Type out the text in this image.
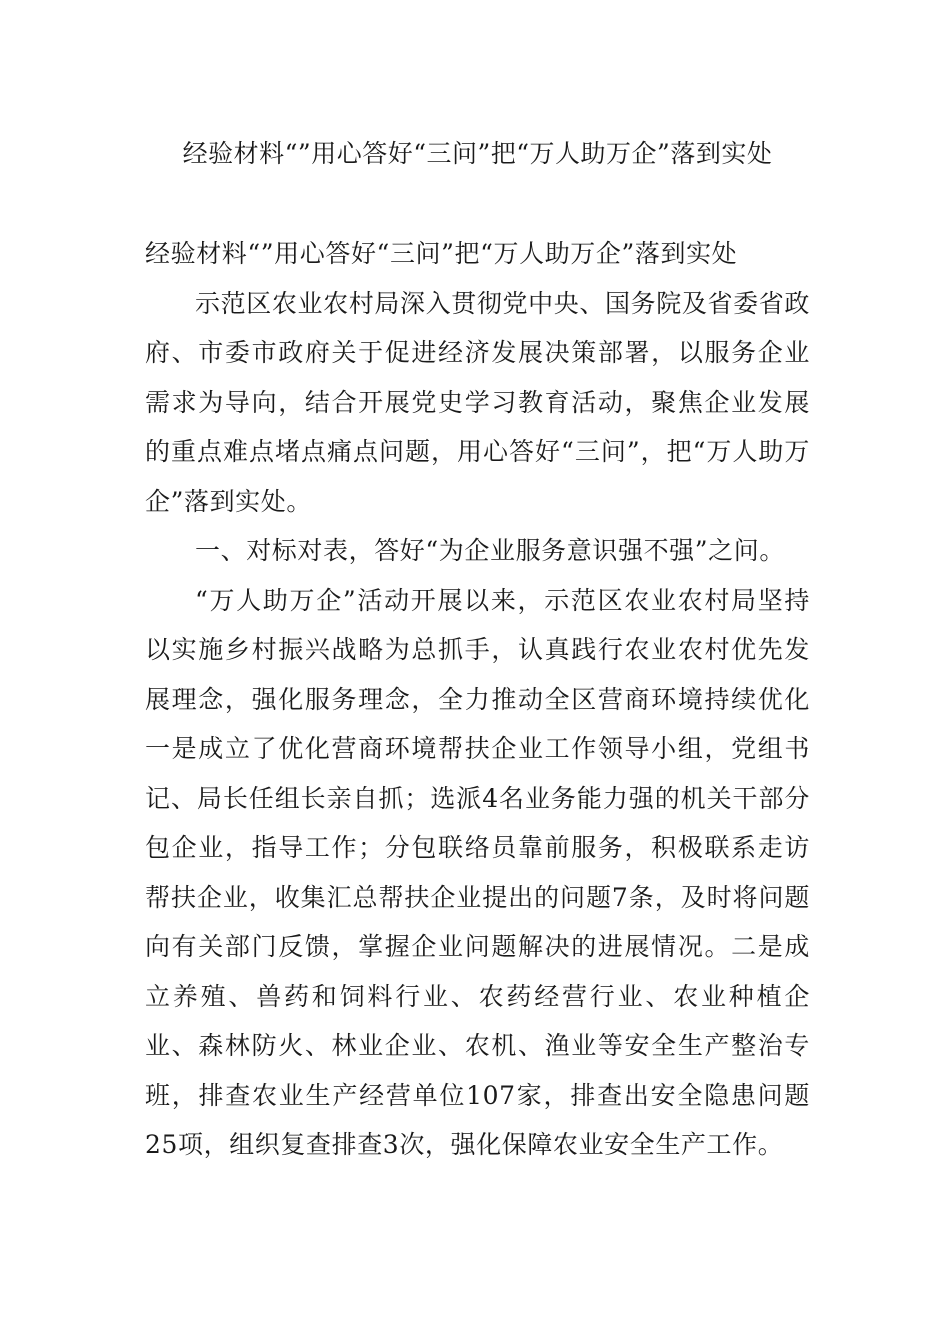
经验材料“”用心答好“三问”把“万人助万企”落到实处

经验材料“”用心答好“三问”把“万人助万企”落到实处

示范区农业农村局深入贯彻党中央、国务院及省委省政府、市委市政府关于促进经济发展决策部署，以服务企业需求为导向，结合开展党史学习教育活动，聚焦企业发展的重点难点堵点痛点问题，用心答好“三问”，把“万人助万企”落到实处。

一、对标对表，答好“为企业服务意识强不强”之问。

“万人助万企”活动开展以来，示范区农业农村局坚持以实施乡村振兴战略为总抓手，认真践行农业农村优先发展理念，强化服务理念，全力推动全区营商环境持续优化一是成立了优化营商环境帮扶企业工作领导小组，党组书记、局长任组长亲自抓；选派4名业务能力强的机关干部分包企业，指导工作；分包联络员靠前服务，积极联系走访帮扶企业，收集汇总帮扶企业提出的问题7条，及时将问题向有关部门反馈，掌握企业问题解决的进展情况。二是成立养殖、兽药和饲料行业、农药经营行业、农业种植企业、森林防火、林业企业、农机、渔业等安全生产整治专班，排查农业生产经营单位107家，排查出安全隐患问题25项，组织复查排查3次，强化保障农业安全生产工作。
